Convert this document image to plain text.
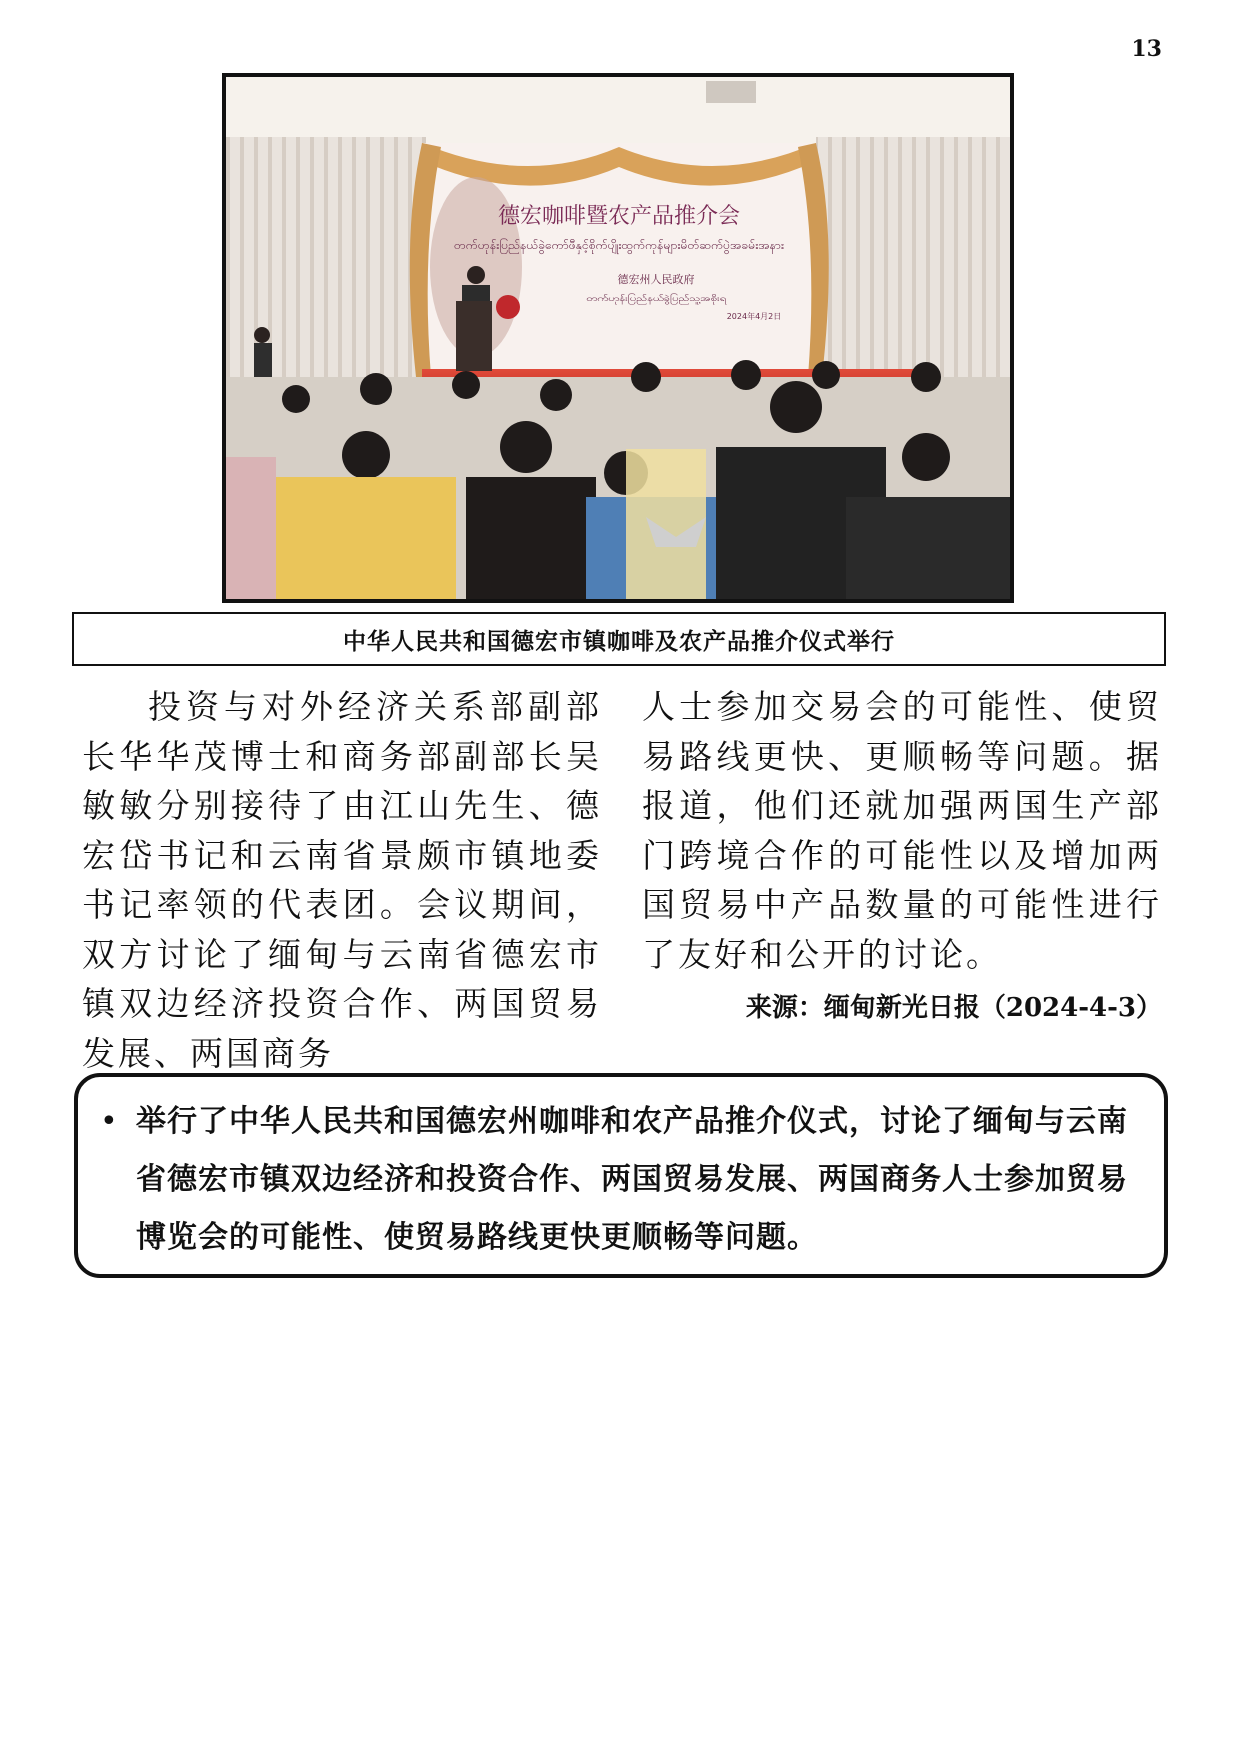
13
德宏咖啡暨农产品推介会
တက်ဟုန်းပြည်နယ်ခွဲကော်ဖီနှင့်စိုက်ပျိုးထွက်ကုန်များမိတ်ဆက်ပွဲအခမ်းအနား
德宏州人民政府
တက်ဟုန်းပြည်နယ်ခွဲပြည်သူ့အစိုးရ
2024年4月2日
中华人民共和国德宏市镇咖啡及农产品推介仪式举行

投资与对外经济关系部副部长华华茂博士和商务部副部长吴敏敏分别接待了由江山先生、德宏岱书记和云南省景颇市镇地委书记率领的代表团。会议期间，双方讨论了缅甸与云南省德宏市镇双边经济投资合作、两国贸易发展、两国商务

人士参加交易会的可能性、使贸易路线更快、更顺畅等问题。据报道，他们还就加强两国生产部门跨境合作的可能性以及增加两国贸易中产品数量的可能性进行了友好和公开的讨论。

来源：缅甸新光日报（2024-4-3）
• 举行了中华人民共和国德宏州咖啡和农产品推介仪式，讨论了缅甸与云南省德宏市镇双边经济和投资合作、两国贸易发展、两国商务人士参加贸易博览会的可能性、使贸易路线更快更顺畅等问题。
